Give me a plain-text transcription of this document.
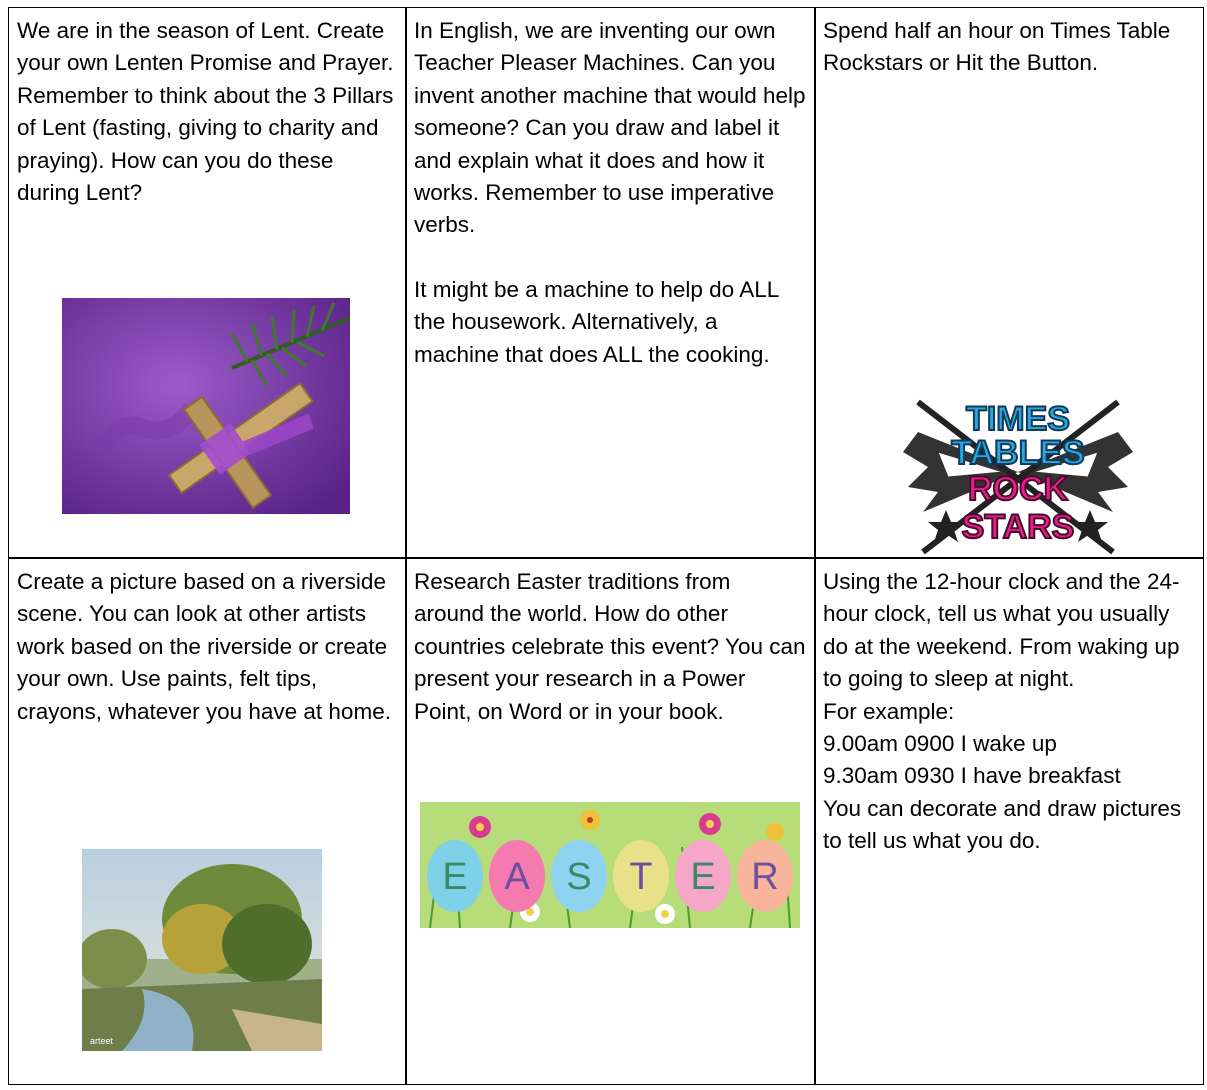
We are in the season of Lent. Create your own Lenten Promise and Prayer. Remember to think about the 3 Pillars of Lent (fasting, giving to charity and praying). How can you do these during Lent?

In English, we are inventing our own Teacher Pleaser Machines. Can you invent another machine that would help someone? Can you draw and label it and explain what it does and how it works. Remember to use imperative verbs.

It might be a machine to help do ALL the housework. Alternatively, a machine that does ALL the cooking.

Spend half an hour on Times Table Rockstars or Hit the Button.

TIMES
TABLES
ROCK
STARS

Create a picture based on a riverside scene. You can look at other artists work based on the riverside or create your own. Use paints, felt tips, crayons, whatever you have at home.

arteet

Research Easter traditions from around the world. How do other countries celebrate this event? You can present your research in a Power Point, on Word or in your book.

E A S T E R

Using the 12-hour clock and the 24-hour clock, tell us what you usually do at the weekend. From waking up to going to sleep at night.

For example:

9.00am 0900 I wake up

9.30am 0930 I have breakfast

You can decorate and draw pictures to tell us what you do.
